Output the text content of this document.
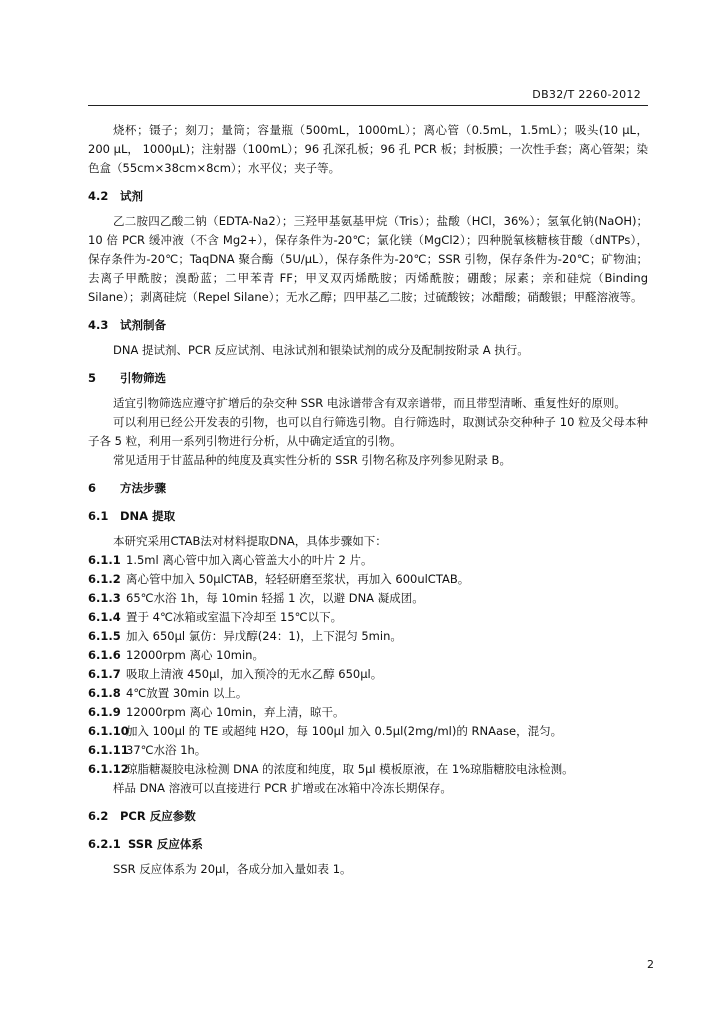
DB32/T 2260-2012

烧杯；镊子；刻刀；量筒；容量瓶（500mL，1000mL）；离心管（0.5mL，1.5mL）；吸头(10 μL，200 μL， 1000μL)；注射器（100mL）；96 孔深孔板；96 孔 PCR 板；封板膜；一次性手套；离心管架；染色盒（55cm×38cm×8cm）；水平仪；夹子等。

4.2 试剂

乙二胺四乙酸二钠（EDTA-Na2）；三羟甲基氨基甲烷（Tris）；盐酸（HCl，36%）；氢氧化钠(NaOH)；10 倍 PCR 缓冲液（不含 Mg2+），保存条件为-20℃；氯化镁（MgCl2）；四种脱氧核糖核苷酸（dNTPs），保存条件为-20℃；TaqDNA 聚合酶（5U/μL），保存条件为-20℃；SSR 引物，保存条件为-20℃；矿物油；去离子甲酰胺；溴酚蓝；二甲苯青 FF；甲叉双丙烯酰胺；丙烯酰胺；硼酸；尿素；亲和硅烷（Binding Silane）；剥离硅烷（Repel Silane）；无水乙醇；四甲基乙二胺；过硫酸铵；冰醋酸；硝酸银；甲醛溶液等。

4.3 试剂制备

DNA 提试剂、PCR 反应试剂、电泳试剂和银染试剂的成分及配制按附录 A 执行。

5 引物筛选

适宜引物筛选应遵守扩增后的杂交种 SSR 电泳谱带含有双亲谱带，而且带型清晰、重复性好的原则。

可以利用已经公开发表的引物，也可以自行筛选引物。自行筛选时，取测试杂交种种子 10 粒及父母本种子各 5 粒，利用一系列引物进行分析，从中确定适宜的引物。

常见适用于甘蓝品种的纯度及真实性分析的 SSR 引物名称及序列参见附录 B。

6 方法步骤
6.1 DNA 提取

本研究采用CTAB法对材料提取DNA，具体步骤如下：

6.1.1 1.5ml 离心管中加入离心管盖大小的叶片 2 片。

6.1.2 离心管中加入 50μlCTAB，轻轻研磨至浆状，再加入 600ulCTAB。

6.1.3 65℃水浴 1h，每 10min 轻摇 1 次，以避 DNA 凝成团。

6.1.4 置于 4℃冰箱或室温下冷却至 15℃以下。

6.1.5 加入 650μl 氯仿：异戊醇(24：1)，上下混匀 5min。

6.1.6 12000rpm 离心 10min。

6.1.7 吸取上清液 450μl，加入预冷的无水乙醇 650μl。

6.1.8 4℃放置 30min 以上。

6.1.9 12000rpm 离心 10min，弃上清，晾干。

6.1.10加入 100μl 的 TE 或超纯 H2O，每 100μl 加入 0.5μl(2mg/ml)的 RNAase，混匀。

6.1.1137℃水浴 1h。

6.1.12琼脂糖凝胶电泳检测 DNA 的浓度和纯度，取 5μl 模板原液，在 1%琼脂糖胶电泳检测。

样品 DNA 溶液可以直接进行 PCR 扩增或在冰箱中冷冻长期保存。

6.2 PCR 反应参数
6.2.1 SSR 反应体系

SSR 反应体系为 20μl，各成分加入量如表 1。

2
